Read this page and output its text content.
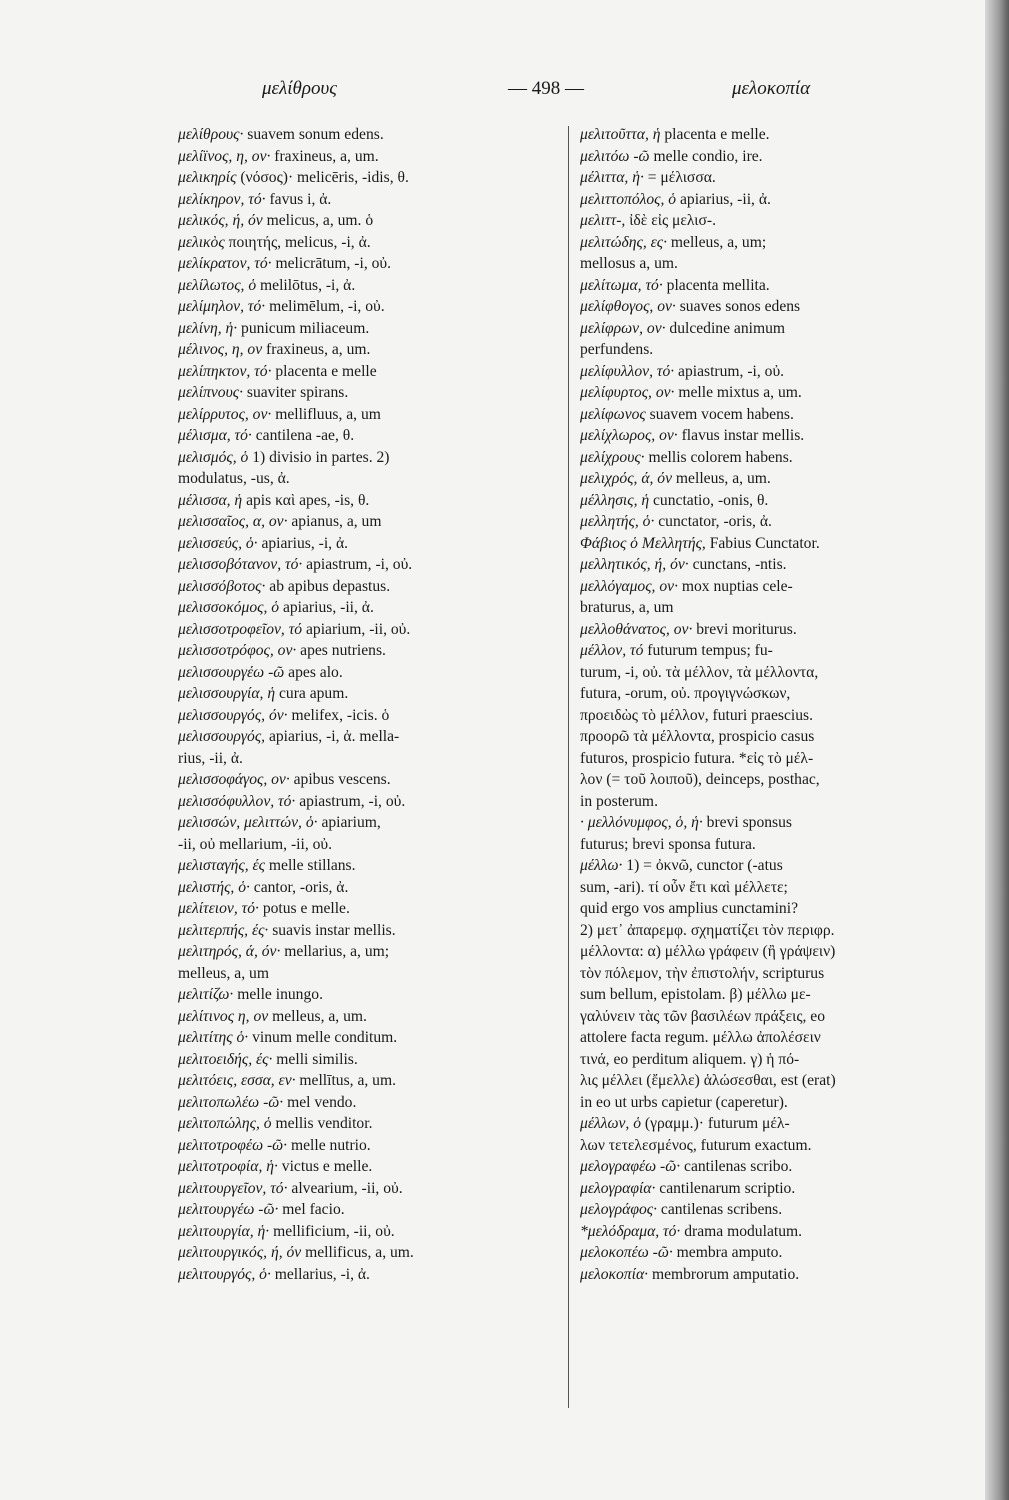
μελίθρους	— 498 —	μελοκοπία
μελίθρους· suavem sonum edens.
μελίϊνος, η, ον· fraxineus, a, um.
μελικηρίς (νόσος)· melicēris, -idis, θ.
μελίκηρον, τό· favus i, ἀ.
μελικός, ή, όν melicus, a, um. ὁ
μελικὸς ποιητής, melicus, -i, ἀ.
μελίκρατον, τό· melicrātum, -i, οὐ.
μελίλωτος, ὁ melilōtus, -i, ἀ.
μελίμηλον, τό· melimēlum, -i, οὐ.
μελίνη, ἡ· punicum miliaceum.
μέλινος, η, ον fraxineus, a, um.
μελίπηκτον, τό· placenta e melle
μελίπνους· suaviter spirans.
μελίρρυτος, ον· mellifluus, a, um
μέλισμα, τό· cantilena -ae, θ.
μελισμός, ὁ 1) divisio in partes. 2)
modulatus, -us, ἀ.
μέλισσα, ἡ apis καὶ apes, -is, θ.
μελισσαῖος, α, ον· apianus, a, um
μελισσεύς, ὁ· apiarius, -i, ἀ.
μελισσοβότανον, τό· apiastrum, -i, οὐ.
μελισσόβοτος· ab apibus depastus.
μελισσοκόμος, ὁ apiarius, -ii, ἀ.
μελισσοτροφεῖον, τό apiarium, -ii, οὐ.
μελισσοτρόφος, ον· apes nutriens.
μελισσουργέω -ῶ apes alo.
μελισσουργία, ἡ cura apum.
μελισσουργός, όν· melifex, -icis. ὁ
μελισσουργός, apiarius, -i, ἀ. mella-
rius, -ii, ἀ.
μελισσοφάγος, ον· apibus vescens.
μελισσόφυλλον, τό· apiastrum, -i, οὐ.
μελισσών, μελιττών, ὁ· apiarium,
-ii, οὐ mellarium, -ii, οὐ.
μελισταγής, ές melle stillans.
μελιστής, ὁ· cantor, -oris, ἀ.
μελίτειον, τό· potus e melle.
μελιτερπής, ές· suavis instar mellis.
μελιτηρός, ά, όν· mellarius, a, um;
melleus, a, um
μελιτίζω· melle inungo.
μελίτινος η, ον melleus, a, um.
μελιτίτης ὁ· vinum melle conditum.
μελιτοειδής, ές· melli similis.
μελιτόεις, εσσα, εν· mellītus, a, um.
μελιτοπωλέω -ῶ· mel vendo.
μελιτοπώλης, ὁ mellis venditor.
μελιτοτροφέω -ῶ· melle nutrio.
μελιτοτροφία, ἡ· victus e melle.
μελιτουργεῖον, τό· alvearium, -ii, οὐ.
μελιτουργέω -ῶ· mel facio.
μελιτουργία, ἡ· mellificium, -ii, οὐ.
μελιτουργικός, ή, όν mellificus, a, um.
μελιτουργός, ὁ· mellarius, -i, ἀ.
μελιτοῦττα, ἡ placenta e melle.
μελιτόω -ῶ melle condio, ire.
μέλιττα, ἡ· = μέλισσα.
μελιττοπόλος, ὁ apiarius, -ii, ἀ.
μελιττ-, ἰδὲ εἰς μελισ-.
μελιτώδης, ες· melleus, a, um;
mellosus a, um.
μελίτωμα, τό· placenta mellita.
μελίφθογος, ον· suaves sonos edens
μελίφρων, ον· dulcedine animum
perfundens.
μελίφυλλον, τό· apiastrum, -i, οὐ.
μελίφυρτος, ον· melle mixtus a, um.
μελίφωνος suavem vocem habens.
μελίχλωρος, ον· flavus instar mellis.
μελίχρους· mellis colorem habens.
μελιχρός, ά, όν melleus, a, um.
μέλλησις, ἡ cunctatio, -onis, θ.
μελλητής, ὁ· cunctator, -oris, ἀ.
Φάβιος ὁ Μελλητής, Fabius Cunctator.
μελλητικός, ή, όν· cunctans, -ntis.
μελλόγαμος, ον· mox nuptias cele-
braturus, a, um
μελλοθάνατος, ον· brevi moriturus.
μέλλον, τό futurum tempus; fu-
turum, -i, οὐ. τὰ μέλλον, τὰ μέλλοντα,
futura, -orum, οὐ. προγιγνώσκων,
προειδὼς τὸ μέλλον, futuri praescius.
προορῶ τὰ μέλλοντα, prospicio casus
futuros, prospicio futura. *εἰς τὸ μέλ-
λον (= τοῦ λοιποῦ), deinceps, posthac,
in posterum.
· μελλόνυμφος, ὁ, ἡ· brevi sponsus
futurus; brevi sponsa futura.
μέλλω· 1) = ὀκνῶ, cunctor (-atus
sum, -ari). τί οὖν ἔτι καὶ μέλλετε;
quid ergo vos amplius cunctamini?
2) μετ᾽ ἀπαρεμφ. σχηματίζει τὸν περιφρ.
μέλλοντα: α) μέλλω γράφειν (ἢ γράψειν)
τὸν πόλεμον, τὴν ἐπιστολήν, scripturus
sum bellum, epistolam. β) μέλλω με-
γαλύνειν τὰς τῶν βασιλέων πράξεις, eo
attolere facta regum. μέλλω ἀπολέσειν
τινά, eo perditum aliquem. γ) ἡ πό-
λις μέλλει (ἔμελλε) ἁλώσεσθαι, est (erat)
in eo ut urbs capietur (caperetur).
μέλλων, ὁ (γραμμ.)· futurum μέλ-
λων τετελεσμένος, futurum exactum.
μελογραφέω -ῶ· cantilenas scribo.
μελογραφία· cantilenarum scriptio.
μελογράφος· cantilenas scribens.
*μελόδραμα, τό· drama modulatum.
μελοκοπέω -ῶ· membra amputo.
μελοκοπία· membrorum amputatio.
